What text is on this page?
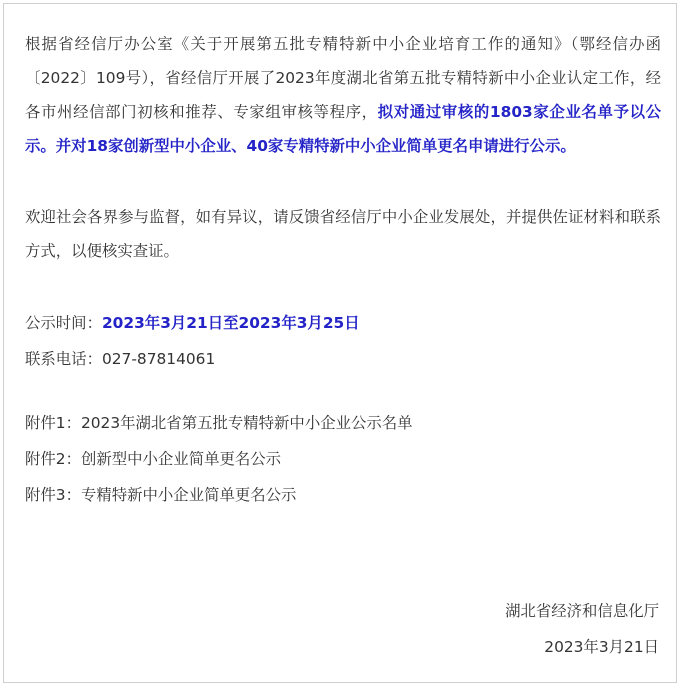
根据省经信厅办公室《关于开展第五批专精特新中小企业培育工作的通知》（鄂经信办函〔2022〕109号），省经信厅开展了2023年度湖北省第五批专精特新中小企业认定工作，经各市州经信部门初核和推荐、专家组审核等程序，拟对通过审核的1803家企业名单予以公示。并对18家创新型中小企业、40家专精特新中小企业简单更名申请进行公示。

欢迎社会各界参与监督，如有异议，请反馈省经信厅中小企业发展处，并提供佐证材料和联系方式，以便核实查证。

公示时间：2023年3月21日至2023年3月25日

联系电话：027-87814061

附件1：2023年湖北省第五批专精特新中小企业公示名单

附件2：创新型中小企业简单更名公示

附件3：专精特新中小企业简单更名公示

湖北省经济和信息化厅
2023年3月21日
